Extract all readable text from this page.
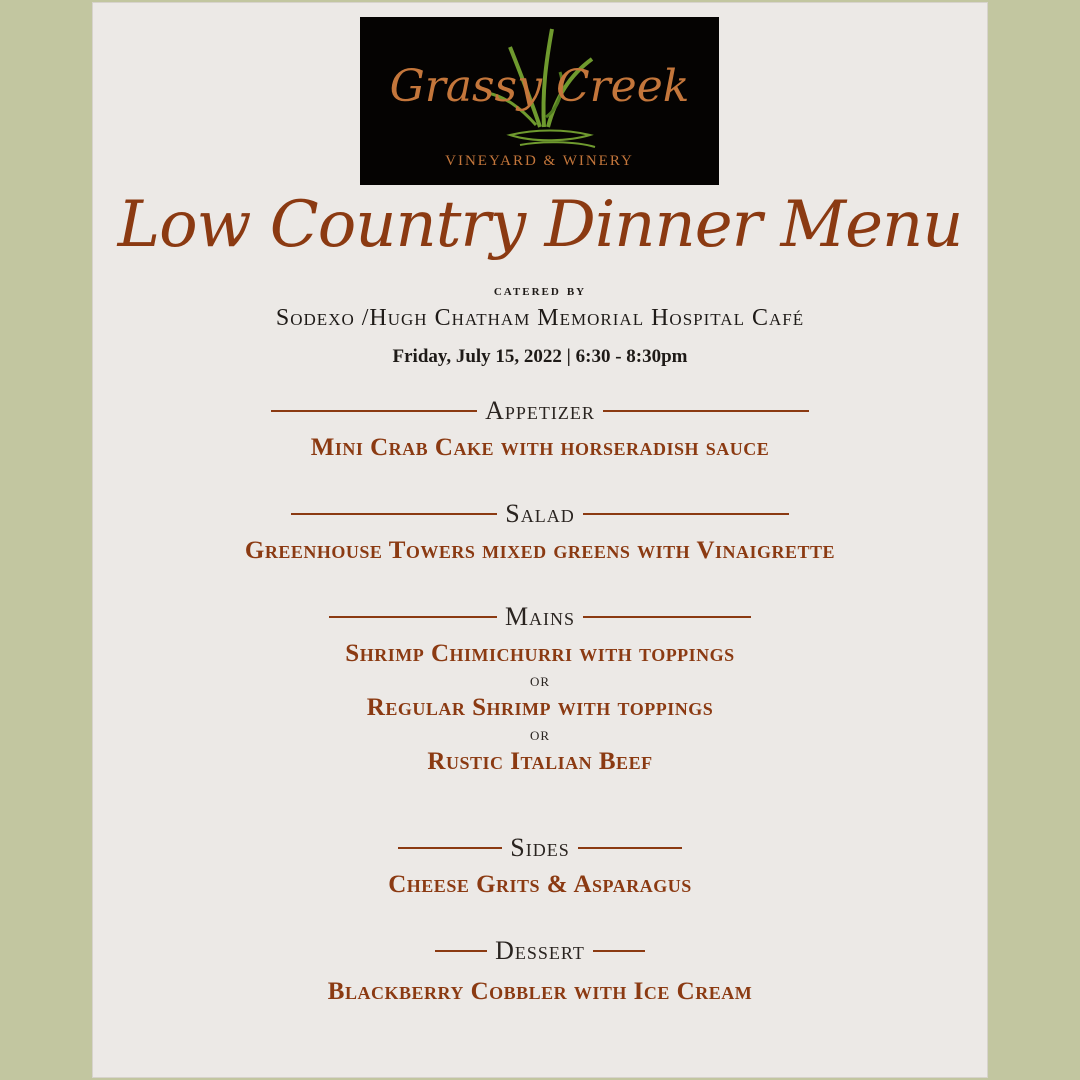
Grassy Creek
VINEYARD & WINERY
Low Country Dinner Menu
catered by
Sodexo /Hugh Chatham Memorial Hospital Café
Friday, July 15, 2022 | 6:30 - 8:30pm
Appetizer
Mini Crab Cake with horseradish sauce
Salad
Greenhouse Towers mixed greens with Vinaigrette
Mains
Shrimp Chimichurri with toppings
or
Regular Shrimp with toppings
or
Rustic Italian Beef
Sides
Cheese Grits & Asparagus
Dessert
Blackberry Cobbler with Ice Cream
